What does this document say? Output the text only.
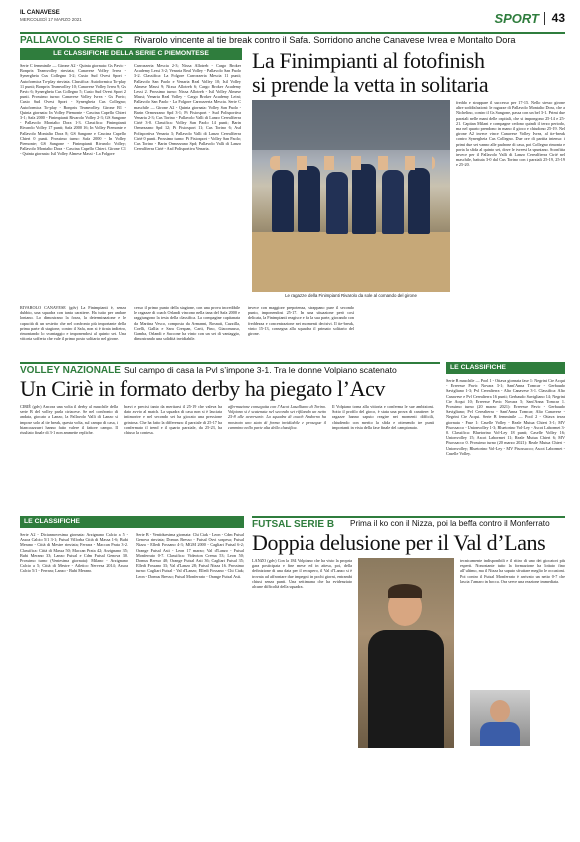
IL CANAVESE
MERCOLEDÌ 17 MARZO 2021	SPORT 43
PALLAVOLO SERIE C Rivarolo vincente al tie break contro il Safa. Sorridono anche Canavese Ivrea e Montalto Dora
LE CLASSIFICHE DELLA SERIE C PIEMONTESE
Serie C femminile — Girone A2 - Quinta giornata: Gs Pavic - Bonprix Teamvolley rinviata; Canavese Volley Ivrea - Synergheia Cus Collegno 3-2; Cusio Sud Ovest Sport - Autoformica To-play rinviata. Classifica: Autoformica To-play 11 punti; Bonprix Teamvolley 10; Canavese Volley Ivrea 9; Gs Pavic 6; Synergheia Cus Collegno 5; Cusio Sud Ovest Sport 2 punti. Prossimo turno: Canavese Volley Ivrea - Gs Pavic; Cusio Sud Ovest Sport - Synergheia Cus Collegno; Autoformica To-play - Bonprix Teamvolley. Girone B1 - Quinta giornata: In Volley Piemonte - Cascina Capello Chieri 3-1; Safa 2000 - Finimpianti Rivarolo Volley 2-3; GS Sangone - Pallavolo Montalto Dora 1-3. Classifica: Finimpianti Rivarolo Volley 17 punti; Safa 2000 16; In Volley Piemonte e Pallavolo Montalto Dora 8; GS Sangone e Cascina Capello Chieri 0 punti. Prossimo turno: Safa 2000 - In Volley Piemonte; GS Sangone - Finimpianti Rivarolo Volley; Pallavolo Montalto Dora - Cascina Capello Chieri. Girone C1 - Quinta giornata: Isil Volley Almese Massi - La Folgore
Carrozzeria Mescia 2-3; Nixsa Allotreb - Cargo Broker Academy Lessi 3-2; Venaria Real Volley - Pallavolo San Paolo 3-2. Classifica: La Folgore Carrozzeria Mescia 11 punti; Pallavolo San Paolo e Venaria Real Volley 10; Isil Volley Almese Massi 9; Nixsa Allotreb 6; Cargo Broker Academy Lessi 2. Prossimo turno: Nixsa Allotreb - Isil Volley Almese Massi; Venaria Real Volley - Cargo Broker Academy Leini; Pallavolo San Paolo - La Folgore Carrozzeria Mescia. Serie C maschile — Girone A2 - Quinta giornata: Volley San Paolo - Barin Ormezzano Spd 3-1; Pi Fisiosport - Sud Polisportiva Venaria 2-3; Cus Torino - Pallavolo Valli di Lanzo Cerealfierra Cirié 3-0. Classifica: Volley San Paolo 14 punti; Barin Ormezzano Spd 12; Pi Fisiosport 11; Cus Torino 6; Asd Polisportiva Venaria 3; Pallavolo Valli di Lanzo Cerealfierra Cirié 0 punti. Prossimo turno: Pi Fisiosport - Volley San Paolo; Cus Torino - Barin Ormezzano Spd; Pallavolo Valli di Lanzo Cerealfierra Cirié - Asd Polisportiva Venaria.
La Finimpianti al fotofinish
si prende la vetta in solitaria
Le ragazze della Finimpianti Rivarolo da sole al comando del girone
freddo e strappare il successo per 17-15. Nello stesso girone altre soddisfazioni: le ragazze di Pallavolo Montalto Dora, che a Nichelino, contro il Gs Sangone, passa con un bel 3-1. Primi due parziali nelle mani delle ospitali, che si impongono 25-14 e 25-21. Capitan Milani e compagne cedono quindi il terzo periodo, ma nel quarto prendono in mano il gioco e chiudono 25-19. Nel girone A2 invece vince Canavese Volley Ivrea, al tie-break contro Synergheia Cus Collegno. Due ore di partita intensa: i primi due set vanno alle padrone di casa, poi Collegno rimonta e porta la sfida al quinto set, dove le ivreesi la spuntano. Sconfitta invece per il Pallavolo Valli di Lanzo Cerealfierra Cirié nel maschile, battuta 3-0 dal Cus Torino con i parziali 25-19, 25-19 e 25-20.
RIVAROLO CANAVESE (gdv) La Finimpianti è, senza dubbio, una squadra con tanta carattere. Ha tutto per andare lontano. Lo dimostrano la forza, la determinazione e le capacità di un sestetto che nel confronto più importante della prima parte di stagione, contro il Safa, non si è tirata indietro, rimontando lo svantaggio e imponendosi al quinto set. Una vittoria sofferta che vale il primo posto solitario nel girone.
cesso il primo punto della stagione, con una prova incredibile le ragazze di coach Orlandi vincono nella tana del Safa 2000 e raggiungono la testa della classifica. La compagine capitanata da Martina Vesco, composta da Armanni, Rosnati, Cuzzilla, Coelli, Gallia e Sara Crespan, Carti, Fino, Giacomasso, Gamba, Orlandi e Saccone ha vinto con un set di vantaggio, dimostrando una solidità invidiabile.
invece con maggiore prepotenza, strappano pure il secondo punto, imponendosi 25-17. In una situazione però così delicata, la Finimpianti reagisce e fa la sua parte, giocando con freddezza e concentrazione nei momenti decisivi. Il tie-break, vinto 15-13, consegna alla squadra il primato solitario del girone.
VOLLEY NAZIONALE Sul campo di casa la Pvl s’impone 3-1. Tra le donne Volpiano scatenato
Un Ciriè in formato derby ha piegato l’Acv
CIRIÈ (gdv) Ancora una volta il derby al maschile della serie B del volley parla ciriacese. Se nel confronto di andata, giocato a Lanzo, la Pallavolo Valli di Lanzo si impose solo al tie break, questa volta, sul campo di casa, i biancoazzurri hanno fatto valere il fattore campo. Il risultato finale di 3-1 non ammette repliche.
bravi e precisi tanto da meritarsi il 25-19 che valeva ha dato avvio al match. La squadra di casa non si è lasciata intimorire e nel secondo set ha giocato una pressione grintosa. Che ha fatto la differenza: il parziale di 25-17 ha confermato il trend e il quarto parziale, da 25-23, ha chiuso la contesa.
affermazione conseguita con l’Ascot Lasalliano di Torino. Volpiano si è scatenata nel secondo set rifilando un netto 25-8 alle avversarie. La squadra di coach Andorno ha mostrato uno stato di forma invidiabile e prosegue il cammino nella parte alta della classifica.
Il Volpiano torna alla vittoria e conferma le sue ambizioni. Sotto il profilo del gioco, è stata una prova di carattere: le ragazze hanno saputo reagire nei momenti difficili, chiudendo con merito la sfida e ottenendo tre punti importanti in vista della fase finale del campionato.
LE CLASSIFICHE
Serie B maschile — Pool 1 - Ottava giornata fase 1: Negrini Cte Acqui - Erreesse Pavic Novara 3-1; Sant'Anna Tomcar - Gerbaudo Savigliano 1-3; Pvl Cerealterra - Alto Canavese 3-1. Classifica: Alto Canavese e Pvl Cerealterra 16 punti; Gerbaudo Savigliano 14; Negrini Cte Acqui 10; Erreesse Pavic Novara 5; Sant'Anna Tomcar 1. Prossimo turno (20 marzo 2021): Erreesse Pavic - Gerbaudo Savigliano; Pvl Cerealterra - Sant'Anna Tomcar; Alto Canavese - Negrini Cte Acqui. Serie B femminile — Pool 2 - Ottava terza giornata - Fase 1: Caselle Volley - Reale Mutua Chieri 3-1; MV Pisossacco - Unionvolley 1-3; Bluetorino Vol-Ley - Ascot Labormet 3-0. Classifica: Bluetorino Vol-Ley 18 punti; Caselle Volley 16; Unionvolley 15; Ascot Labormet 11; Reale Mutua Chieri 6; MV Pisossacco 0. Prossimo turno (20 marzo 2021): Reale Mutua Chieri - Unionvolley; Bluetorino Vol-Ley - MV Pisossacco; Ascot Labormet - Caselle Volley.
LE CLASSIFICHE
Serie A2 - Diciannovesima giornata: Arzignano Calcio a 5 - Assoa Calcio 5/1 3-1; Futsal Villorba Città di Massa 1-6; Bubi Merano - Città di Mestre rinviata; Ferrara - Maccan Prata 3-2. Classifica: Città di Massa 50; Maccan Prata 42; Arzignano 35; Bubi Merano 33; Lanzo Futsal e Cdm Futsal Genova 30. Prossimo turno (Ventesima giornata): Milano - Arzignano Calcio a 5; Città di Mestre - Atletico Nervesa 2014; Assoa Calcio 5/1 - Ferrara; Lanzo - Bubi Merano.
Serie B - Ventiduesima giornata: Chi Ciak - Leon - Cdm Futsal Genova rinviata; Domus Bresso - Futsal Osvi sospesa; Futsal Nizza - Elledi Fossano 4-3; MGM 2000 - Cagliari Futsal 6-2; Orange Futsal Asti - Leon 17 marzo; Val d'Lanzo - Futsal Monferrato 0-7. Classifica: Videoton Crema 53; Leon 50; Domus Bresso 40; Orange Futsal Asti 36; Cagliari Futsal 35; Elledi Fossano 33; Val d'Lanzo 28; Futsal Nizza 16. Prossimo turno: Cagliari Futsal - Val d'Lanzo; Elledi Fossano - Chi Ciak; Leon - Domus Bresso; Futsal Monferrato - Orange Futsal Asti.
FUTSAL SERIE B Prima il ko con il Nizza, poi la beffa contro il Monferrato
Doppia delusione per il Val d’Lans
LANZO (gdv) Con la 184 Volpiano che ha visto la propria gara posticipata e fine mese ed in attesa, poi, della definizione di una data per il recupero, il Val d’Lanzo si è trovata ad affrontare due impegni in pochi giorni, entrambi chiusi senza punti. Una settimana che ha evidenziato alcune difficoltà della squadra.
tecnicamente indisponibili e il ritiro di uno dei giocatori più esperti. Nonostante tutto la formazione ha lottato fino all’ultimo, ma il Nizza ha saputo sfruttare meglio le occasioni. Poi contro il Futsal Monferrato è arrivato un netto 0-7 che lascia l’amaro in bocca. Ora serve una reazione immediata.
